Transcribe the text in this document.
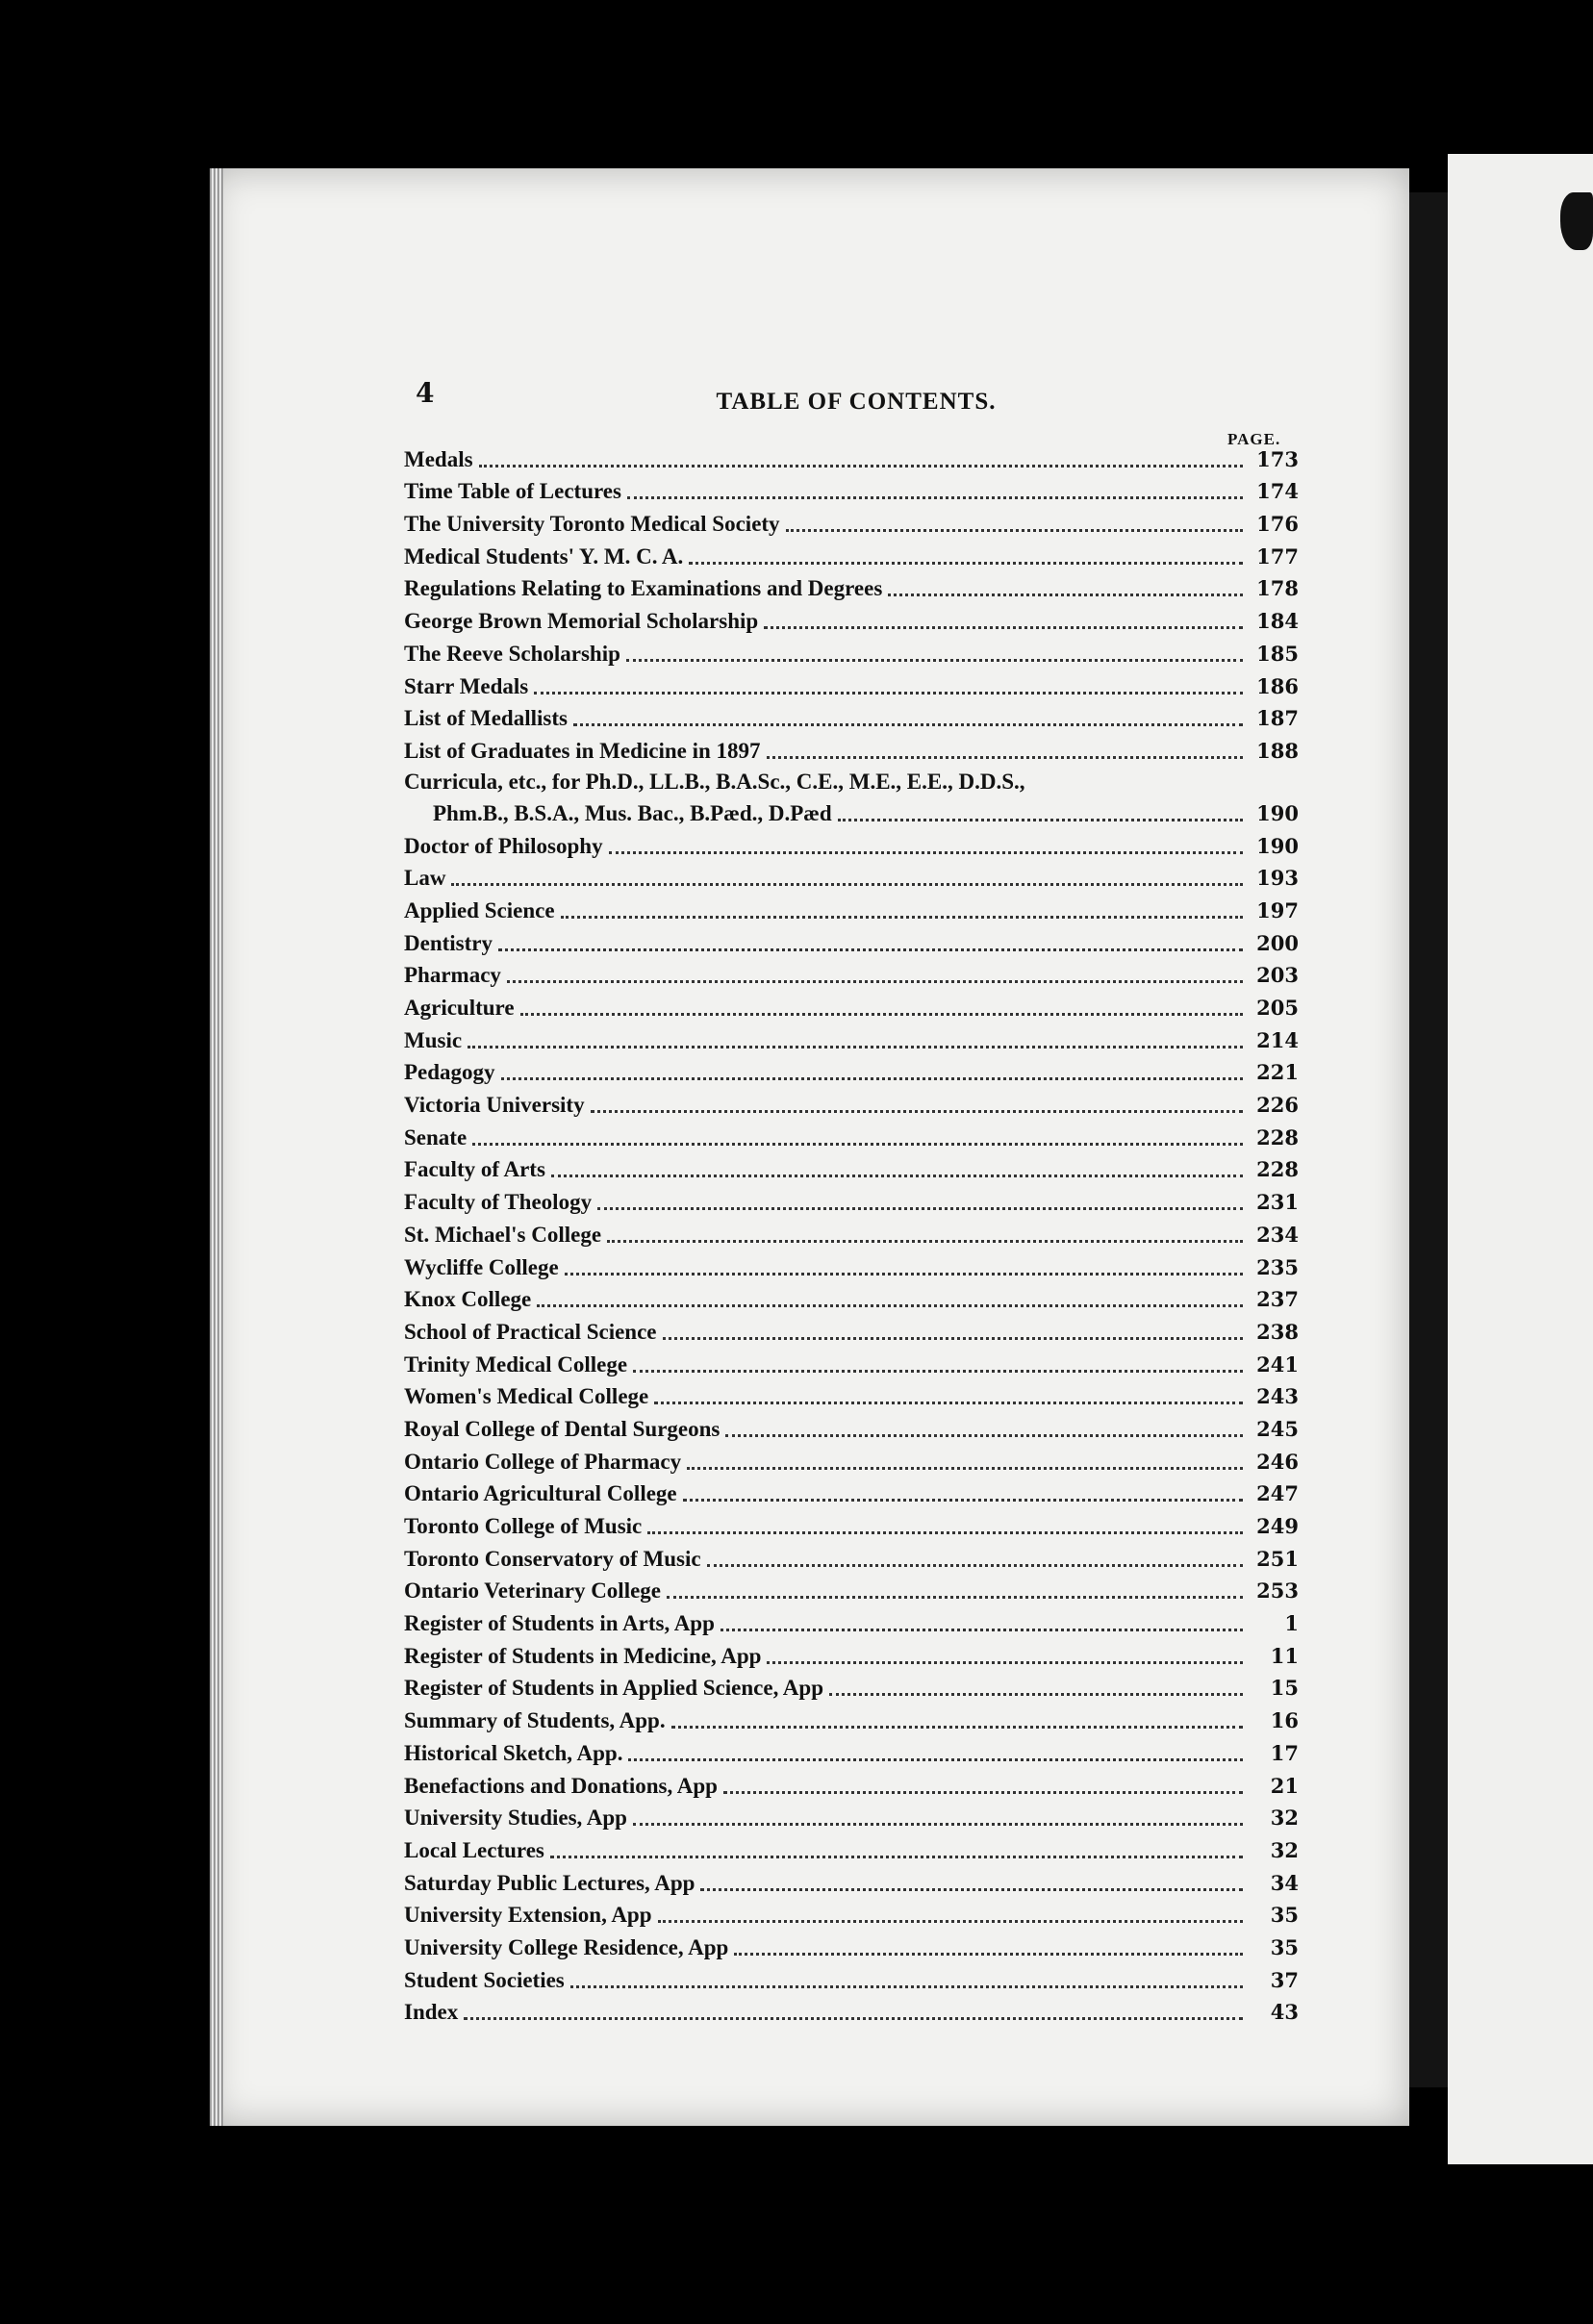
4	TABLE OF CONTENTS.
PAGE.
Medals	173
Time Table of Lectures	174
The University Toronto Medical Society	176
Medical Students' Y. M. C. A.	177
Regulations Relating to Examinations and Degrees	178
George Brown Memorial Scholarship	184
The Reeve Scholarship	185
Starr Medals	186
List of Medallists	187
List of Graduates in Medicine in 1897	188
Curricula, etc., for Ph.D., LL.B., B.A.Sc., C.E., M.E., E.E., D.D.S.,
Phm.B., B.S.A., Mus. Bac., B.Pæd., D.Pæd	190
Doctor of Philosophy	190
Law	193
Applied Science	197
Dentistry	200
Pharmacy	203
Agriculture	205
Music	214
Pedagogy	221
Victoria University	226
Senate	228
Faculty of Arts	228
Faculty of Theology	231
St. Michael's College	234
Wycliffe College	235
Knox College	237
School of Practical Science	238
Trinity Medical College	241
Women's Medical College	243
Royal College of Dental Surgeons	245
Ontario College of Pharmacy	246
Ontario Agricultural College	247
Toronto College of Music	249
Toronto Conservatory of Music	251
Ontario Veterinary College	253
Register of Students in Arts, App	1
Register of Students in Medicine, App	11
Register of Students in Applied Science, App	15
Summary of Students, App.	16
Historical Sketch, App.	17
Benefactions and Donations, App	21
University Studies, App	32
Local Lectures	32
Saturday Public Lectures, App	34
University Extension, App	35
University College Residence, App	35
Student Societies	37
Index	43
